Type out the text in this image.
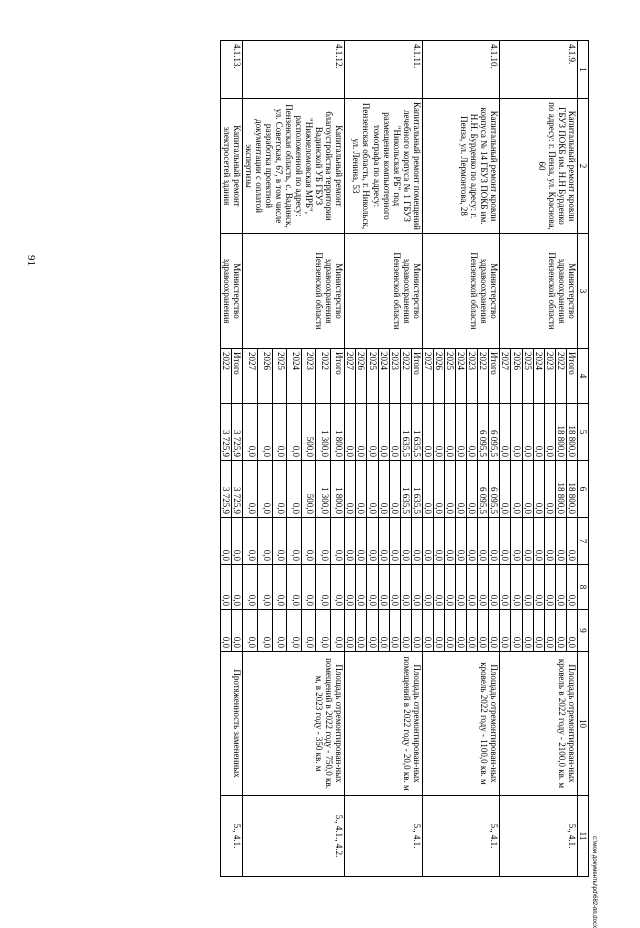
91
1	2	3	4	5	6	7	8	9	10	11
4.1.9.	Капитальный ремонт кровли ГБУЗ ПОКБ им. Н.Н Бурденко по адресу: г. Пенза, ул. Краснова, 60	Министерство здравоохранения Пензенской области	Итого	18 800,0	18 800,0	0,0	0,0	0,0	Площадь отремонтирован-ных кровель в 2022 году - 2100,0 кв. м	5., 4.1.
			2022	18 800,0	18 800,0	0,0	0,0	0,0		
			2023	0,0	0,0	0,0	0,0	0,0		
			2024	0,0	0,0	0,0	0,0	0,0		
			2025	0,0	0,0	0,0	0,0	0,0		
			2026	0,0	0,0	0,0	0,0	0,0		
			2027	0,0	0,0	0,0	0,0	0,0		
4.1.10.	Капитальный ремонт кровли корпуса № 14 ГБУЗ ПОКБ им. Н.Н. Бурденко по адресу: г. Пенза, ул. Лермонтова, 28	Министерство здравоохранения Пензенской области	Итого	6 095,5	6 095,5	0,0	0,0	0,0	Площадь отремонтирован-ных кровель 2022 году - 1100,0 кв. м	5., 4.1.
			2022	6 095,5	6 095,5	0,0	0,0	0,0		
			2023	0,0	0,0	0,0	0,0	0,0		
			2024	0,0	0,0	0,0	0,0	0,0		
			2025	0,0	0,0	0,0	0,0	0,0		
			2026	0,0	0,0	0,0	0,0	0,0		
			2027	0,0	0,0	0,0	0,0	0,0		
4.1.11.	Капитальный ремонт помещений лечебного корпуса № 1 ГБУЗ "Никольская РБ" под размещение компьютерного томографа по адресу: Пензенская область, г. Никольск, ул. Ленина, 53	Министерство здравоохранения Пензенской области	Итого	1 635,5	1 635,5	0,0	0,0	0,0	Площадь отремонтирован-ных помещений в 2022 году - 20,0 кв. м	5., 4.1.
			2022	1 635,5	1 635,5	0,0	0,0	0,0		
			2023	0,0	0,0	0,0	0,0	0,0		
			2024	0,0	0,0	0,0	0,0	0,0		
			2025	0,0	0,0	0,0	0,0	0,0		
			2026	0,0	0,0	0,0	0,0	0,0		
			2027	0,0	0,0	0,0	0,0	0,0		
4.1.12.	Капитальный ремонт благоустройства территории Вадинской УБ ГБУЗ "Нижнеломовская МРБ", расположенной по адресу: Пензенская область, с. Вадинск, ул. Советская, 67, в том числе разработка проектной документации с оплатой экспертизы	Министерство здравоохранения Пензенской области	Итого	1 800,0	1 800,0	0,0	0,0	0,0	Площадь отремонтирован-ных помещений в 2022 году - 750,0 кв. м, в 2023 году - 350 кв. м	5., 4.1., 4.2.
			2022	1 300,0	1 300,0	0,0	0,0	0,0		
			2023	500,0	500,0	0,0	0,0	0,0		
			2024	0,0	0,0	0,0	0,0	0,0		
			2025	0,0	0,0	0,0	0,0	0,0		
			2026	0,0	0,0	0,0	0,0	0,0		
			2027	0,0	0,0	0,0	0,0	0,0		
4.1.13.	Капитальный ремонт электросетей здания	Министерство здравоохранения	Итого	3 725,9	3 725,9	0,0	0,0	0,0	Протяженность замененных	5., 4.1.
			2022	3 725,9	3 725,9	0,0	0,0	0,0		
c:\мои документы\pd\682-пп.docx
